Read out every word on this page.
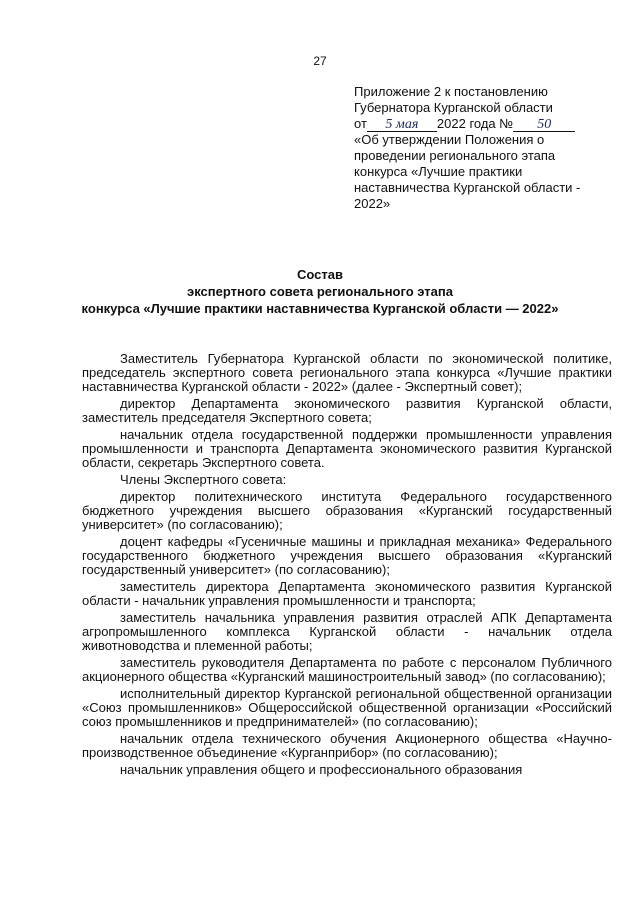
27
Приложение 2 к постановлению
Губернатора Курганской области
от 5 мая 2022 года № 50
«Об утверждении Положения о
проведении регионального этапа
конкурса «Лучшие практики
наставничества Курганской области -
2022»
Состав
экспертного совета регионального этапа
конкурса «Лучшие практики наставничества Курганской области — 2022»

Заместитель Губернатора Курганской области по экономической политике, председатель экспертного совета регионального этапа конкурса «Лучшие практики наставничества Курганской области - 2022» (далее - Экспертный совет);

директор Департамента экономического развития Курганской области, заместитель председателя Экспертного совета;

начальник отдела государственной поддержки промышленности управления промышленности и транспорта Департамента экономического развития Курганской области, секретарь Экспертного совета.

Члены Экспертного совета:

директор политехнического института Федерального государственного бюджетного учреждения высшего образования «Курганский государственный университет» (по согласованию);

доцент кафедры «Гусеничные машины и прикладная механика» Федерального государственного бюджетного учреждения высшего образования «Курганский государственный университет» (по согласованию);

заместитель директора Департамента экономического развития Курганской области - начальник управления промышленности и транспорта;

заместитель начальника управления развития отраслей АПК Департамента агропромышленного комплекса Курганской области - начальник отдела животноводства и племенной работы;

заместитель руководителя Департамента по работе с персоналом Публичного акционерного общества «Курганский машиностроительный завод» (по согласованию);

исполнительный директор Курганской региональной общественной организации «Союз промышленников» Общероссийской общественной организации «Российский союз промышленников и предпринимателей» (по согласованию);

начальник отдела технического обучения Акционерного общества «Научно-производственное объединение «Курганприбор» (по согласованию);

начальник управления общего и профессионального образования
